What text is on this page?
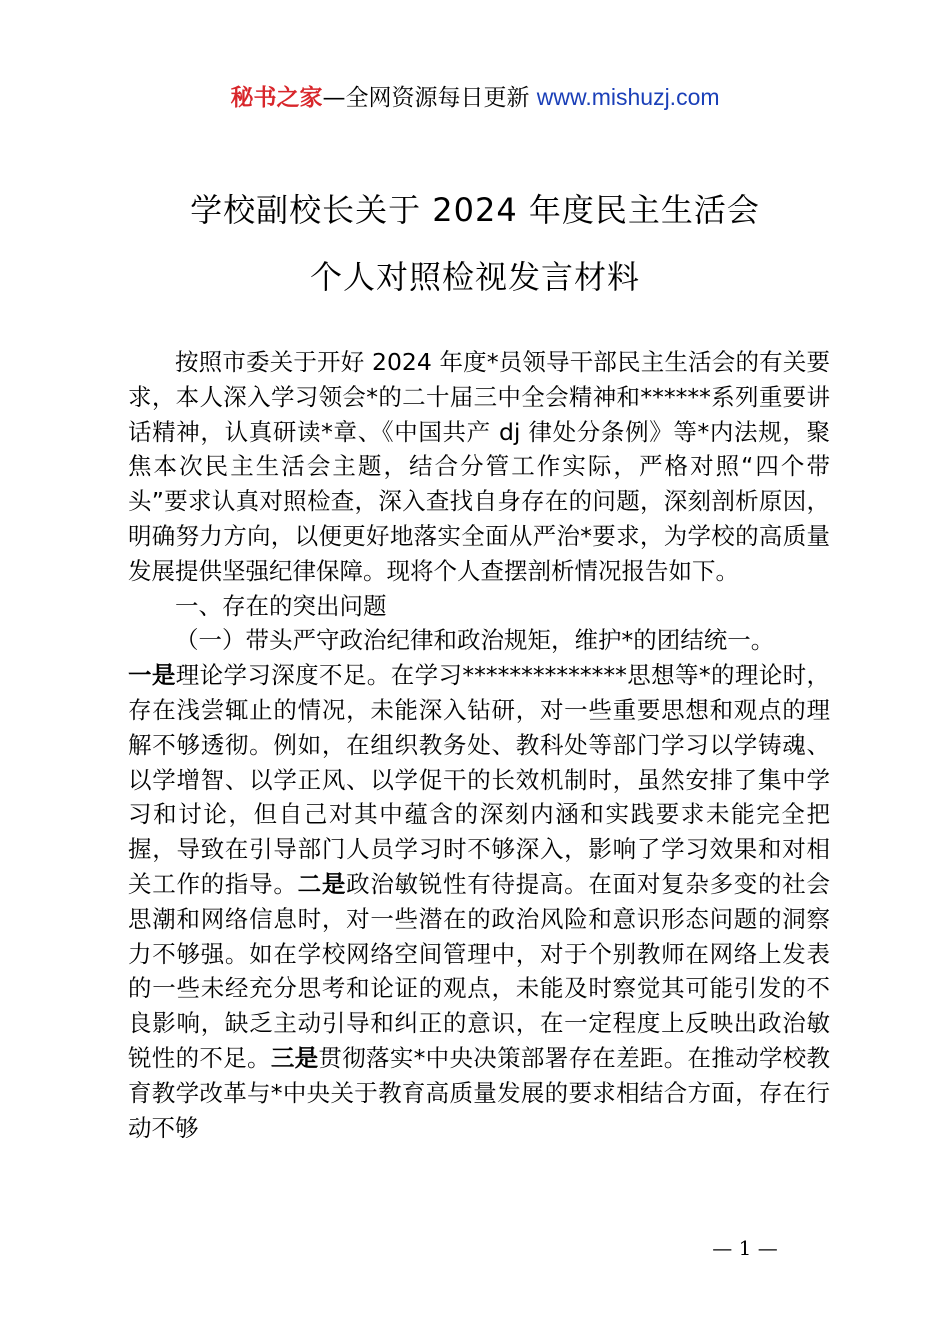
秘书之家—全网资源每日更新 www.mishuzj.com
学校副校长关于 2024 年度民主生活会
个人对照检视发言材料

按照市委关于开好 2024 年度*员领导干部民主生活会的有关要求，本人深入学习领会*的二十届三中全会精神和******系列重要讲话精神，认真研读*章、《中国共产 dj 律处分条例》等*内法规，聚焦本次民主生活会主题，结合分管工作实际，严格对照“四个带头”要求认真对照检查，深入查找自身存在的问题，深刻剖析原因，明确努力方向，以便更好地落实全面从严治*要求，为学校的高质量发展提供坚强纪律保障。现将个人查摆剖析情况报告如下。

一、存在的突出问题

（一）带头严守政治纪律和政治规矩，维护*的团结统一。

一是理论学习深度不足。在学习**************思想等*的理论时，存在浅尝辄止的情况，未能深入钻研，对一些重要思想和观点的理解不够透彻。例如，在组织教务处、教科处等部门学习以学铸魂、以学增智、以学正风、以学促干的长效机制时，虽然安排了集中学习和讨论，但自己对其中蕴含的深刻内涵和实践要求未能完全把握，导致在引导部门人员学习时不够深入，影响了学习效果和对相关工作的指导。二是政治敏锐性有待提高。在面对复杂多变的社会思潮和网络信息时，对一些潜在的政治风险和意识形态问题的洞察力不够强。如在学校网络空间管理中，对于个别教师在网络上发表的一些未经充分思考和论证的观点，未能及时察觉其可能引发的不良影响，缺乏主动引导和纠正的意识，在一定程度上反映出政治敏锐性的不足。三是贯彻落实*中央决策部署存在差距。在推动学校教育教学改革与*中央关于教育高质量发展的要求相结合方面，存在行动不够

— 1 —
